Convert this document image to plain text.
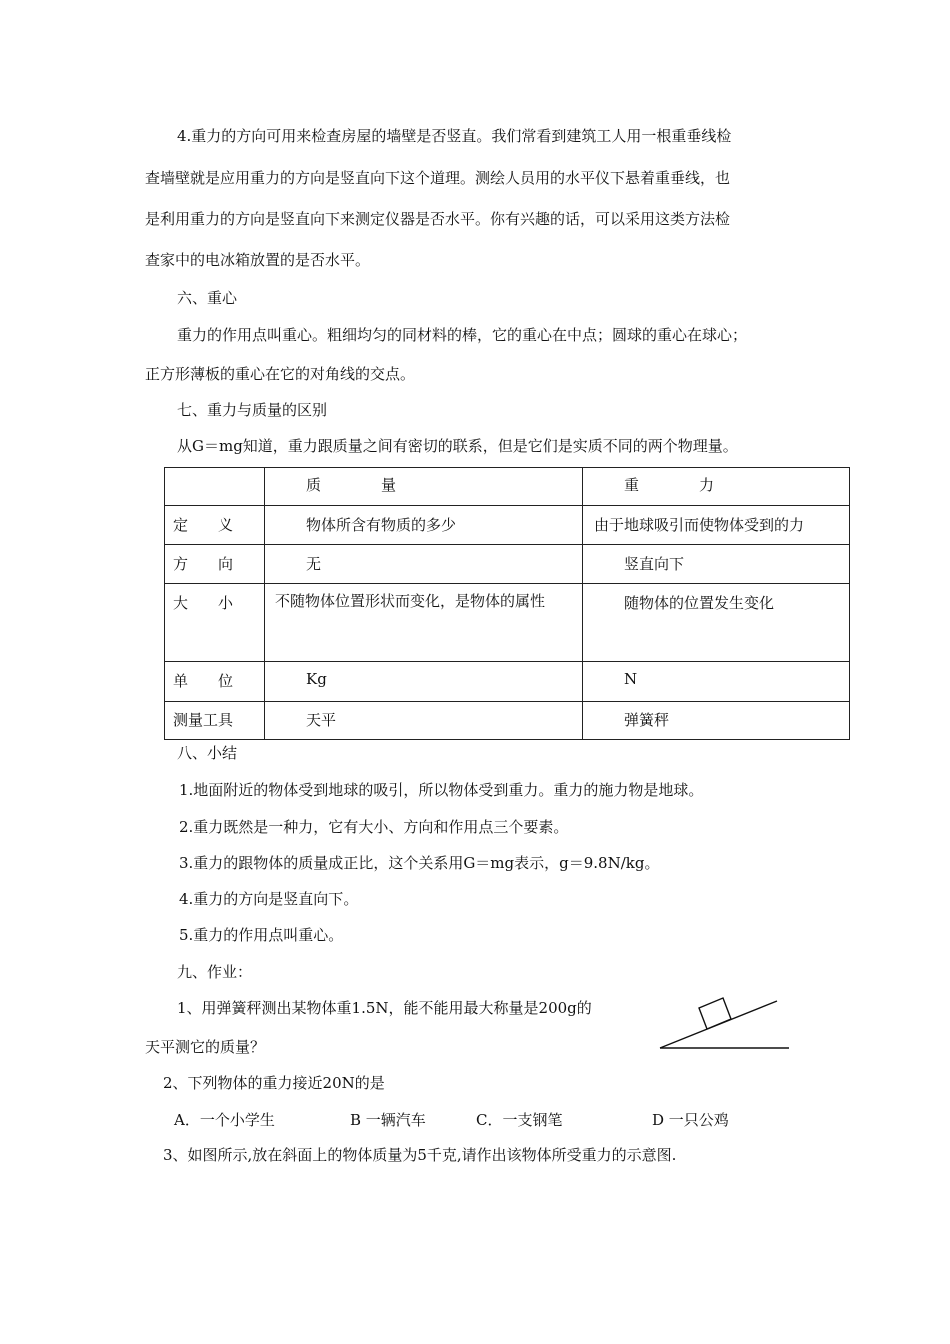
4.重力的方向可用来检查房屋的墙壁是否竖直。我们常看到建筑工人用一根重垂线检
查墙壁就是应用重力的方向是竖直向下这个道理。测绘人员用的水平仪下悬着重垂线，也
是利用重力的方向是竖直向下来测定仪器是否水平。你有兴趣的话，可以采用这类方法检
查家中的电冰箱放置的是否水平。
六、重心
重力的作用点叫重心。粗细均匀的同材料的棒，它的重心在中点；圆球的重心在球心；
正方形薄板的重心在它的对角线的交点。
七、重力与质量的区别
从G＝mg知道，重力跟质量之间有密切的联系，但是它们是实质不同的两个物理量。

	质　　　　量	重　　　　力

定　　义	物体所含有物质的多少	由于地球吸引而使物体受到的力

方　　向	无	竖直向下

大　　小	不随物体位置形状而变化，是物体的属性	随物体的位置发生变化

单　　位	Kg	N

测量工具	天平	弹簧秤
八、小结
1.地面附近的物体受到地球的吸引，所以物体受到重力。重力的施力物是地球。
2.重力既然是一种力，它有大小、方向和作用点三个要素。
3.重力的跟物体的质量成正比，这个关系用G＝mg表示，g＝9.8N/kg。
4.重力的方向是竖直向下。
5.重力的作用点叫重心。
九、作业：
1、用弹簧秤测出某物体重1.5N，能不能用最大称量是200g的
天平测它的质量？
2、下列物体的重力接近20N的是
A．一个小学生	B 一辆汽车	C．一支钢笔	D 一只公鸡
3、如图所示,放在斜面上的物体质量为5千克,请作出该物体所受重力的示意图.
